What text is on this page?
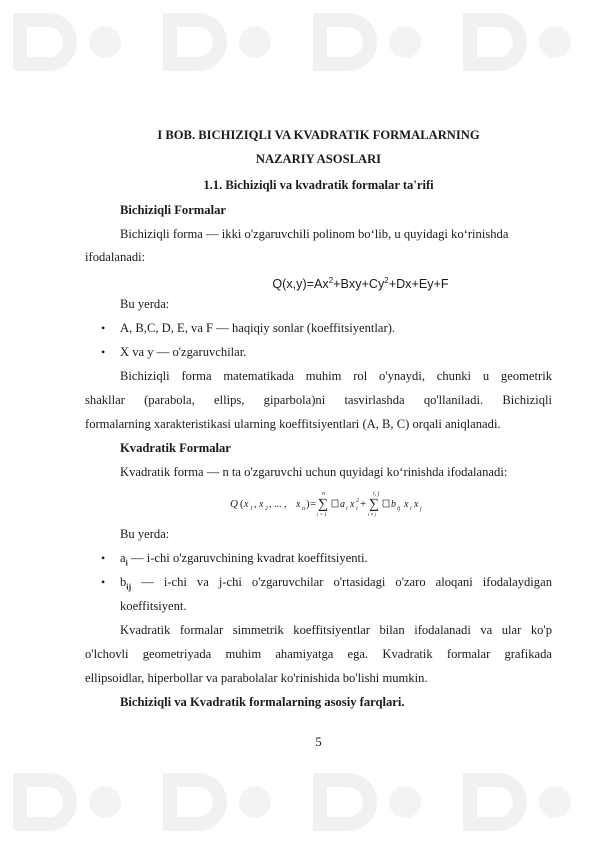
I BOB. BICHIZIQLI VA KVADRATIK FORMALARNING
NAZARIY ASOSLARI
1.1. Bichiziqli va kvadratik formalar ta'rifi
Bichiziqli Formalar
Bichiziqli forma — ikki o'zgaruvchili polinom bo‘lib, u quyidagi ko‘rinishda
ifodalanadi:
$Q(x,y)=Ax^2+Bxy+Cy^2+Dx+Ey+F$
Bu yerda:
• A, B,C, D, E, va F — haqiqiy sonlar (koeffitsiyentlar).
• X va y — o'zgaruvchilar.
Bichiziqli forma matematikada muhim rol o'ynaydi, chunki u geometrik
shakllar (parabola, ellips, giparbola)ni tasvirlashda qo'llaniladi. Bichiziqli
formalarning xarakteristikasi ularning koeffitsiyentlari (A, B, C) orqali aniqlanadi.
Kvadratik Formalar
Kvadratik forma — n ta o'zgaruvchi uchun quyidagi ko‘rinishda ifodalanadi:
Q ( x 1 , x 2 , ... , x n ) =
n
∑
i = 1
a i x 2
i +
i, j
∑
i ≠ j
b ij x i x j
Bu yerda:
• $a_i$ — i-chi o'zgaruvchining kvadrat koeffitsiyenti.
• $b_{ij}$ — i-chi va j-chi o'zgaruvchilar o'rtasidagi o'zaro aloqani ifodalaydigan
koeffitsiyent.
Kvadratik formalar simmetrik koeffitsiyentlar bilan ifodalanadi va ular ko'p
o'lchovli geometriyada muhim ahamiyatga ega. Kvadratik formalar grafikada
ellipsoidlar, hiperbollar va parabolalar ko'rinishida bo'lishi mumkin.
Bichiziqli va Kvadratik formalarning asosiy farqlari.
5
